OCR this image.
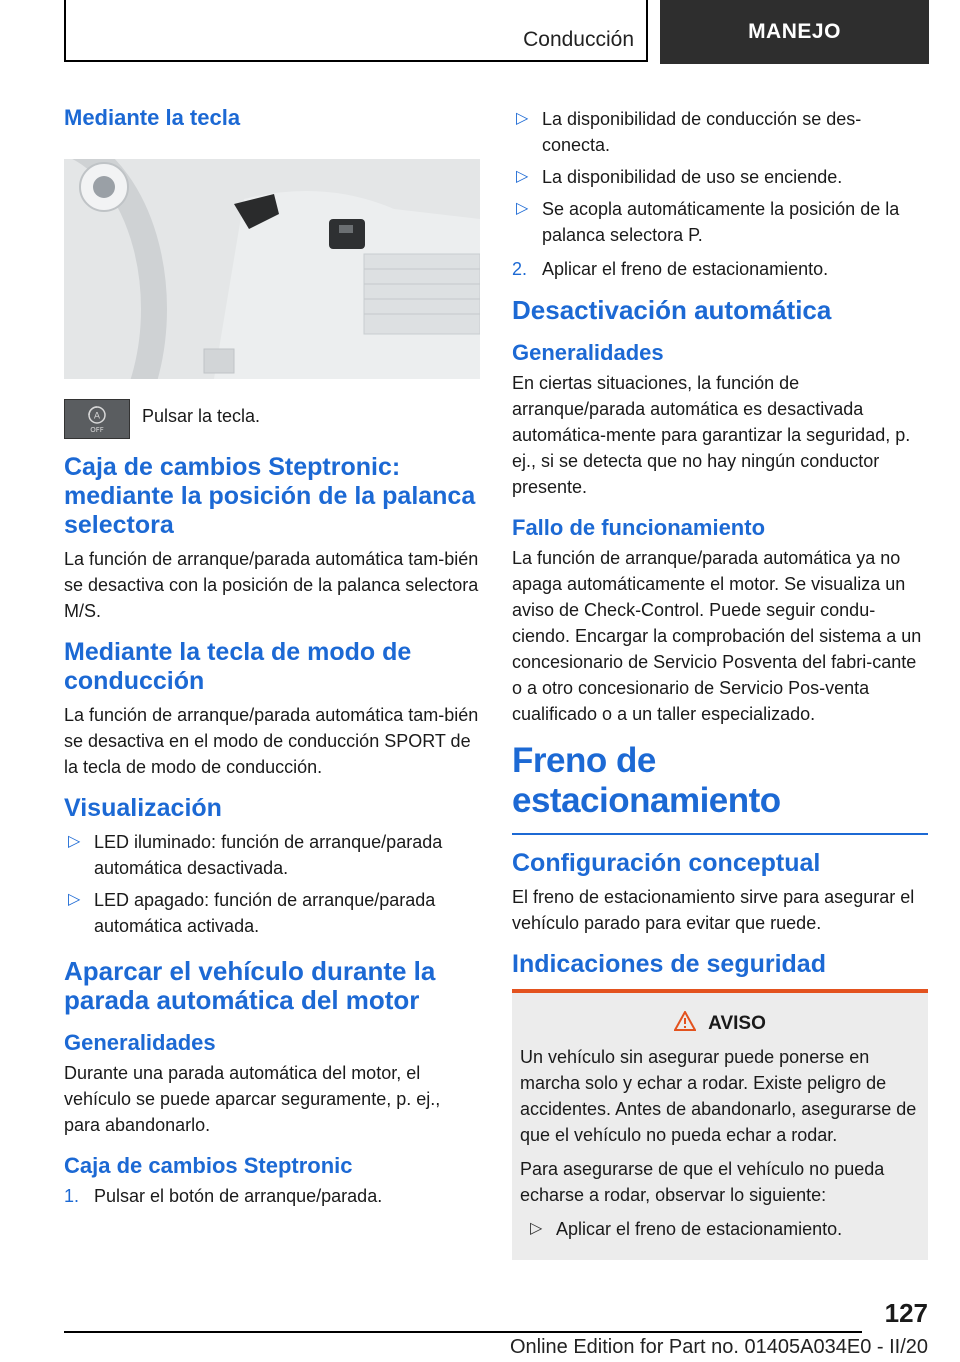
Conducción	MANEJO
Mediante la tecla
A
OFF

Pulsar la tecla.

Caja de cambios Steptronic: mediante la posición de la palanca selectora

La función de arranque/parada automática tam-bién se desactiva con la posición de la palanca selectora M/S.

Mediante la tecla de modo de conducción

La función de arranque/parada automática tam-bién se desactiva en el modo de conducción SPORT de la tecla de modo de conducción.

Visualización
▷ LED iluminado: función de arranque/parada automática desactivada.
▷ LED apagado: función de arranque/parada automática activada.
Aparcar el vehículo durante la parada automática del motor
Generalidades

Durante una parada automática del motor, el vehículo se puede aparcar seguramente, p. ej., para abandonarlo.

Caja de cambios Steptronic
1. Pulsar el botón de arranque/parada.
▷ La disponibilidad de conducción se des-conecta.
▷ La disponibilidad de uso se enciende.
▷ Se acopla automáticamente la posición de la palanca selectora P.
2. Aplicar el freno de estacionamiento.
Desactivación automática
Generalidades

En ciertas situaciones, la función de arranque/parada automática es desactivada automática-mente para garantizar la seguridad, p. ej., si se detecta que no hay ningún conductor presente.

Fallo de funcionamiento

La función de arranque/parada automática ya no apaga automáticamente el motor. Se visualiza un aviso de Check-Control. Puede seguir condu-ciendo. Encargar la comprobación del sistema a un concesionario de Servicio Posventa del fabri-cante o a otro concesionario de Servicio Pos-venta cualificado o a un taller especializado.

Freno de estacionamiento
Configuración conceptual

El freno de estacionamiento sirve para asegurar el vehículo parado para evitar que ruede.

Indicaciones de seguridad
AVISO

Un vehículo sin asegurar puede ponerse en marcha solo y echar a rodar. Existe peligro de accidentes. Antes de abandonarlo, asegurarse de que el vehículo no pueda echar a rodar.

Para asegurarse de que el vehículo no pueda echarse a rodar, observar lo siguiente:

▷ Aplicar el freno de estacionamiento.
127
Online Edition for Part no. 01405A034E0 - II/20
